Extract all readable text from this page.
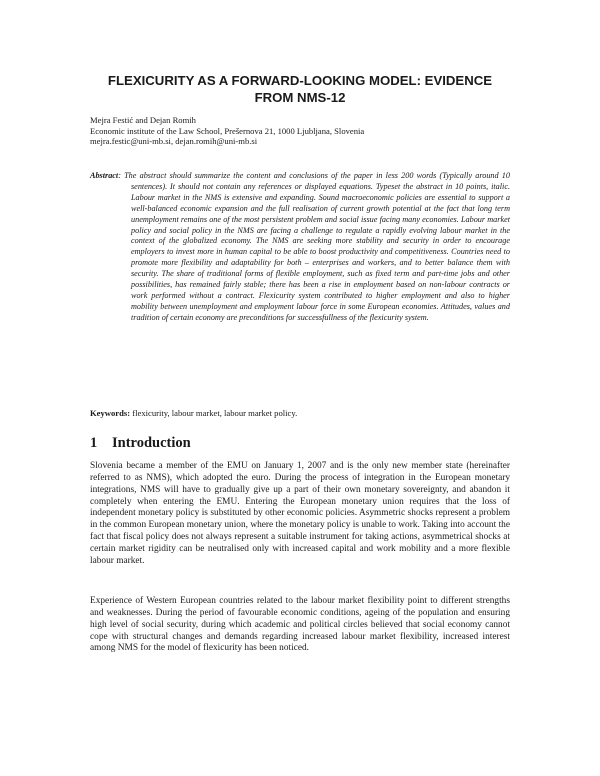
FLEXICURITY AS A FORWARD-LOOKING MODEL: EVIDENCE FROM NMS-12
Mejra Festić and Dejan Romih
Economic institute of the Law School, Prešernova 21, 1000 Ljubljana, Slovenia
mejra.festic@uni-mb.si, dejan.romih@uni-mb.si

Abstract: The abstract should summarize the content and conclusions of the paper in less 200 words (Typically around 10 sentences). It should not contain any references or displayed equations. Typeset the abstract in 10 points, italic. Labour market in the NMS is extensive and expanding. Sound macroeconomic policies are essential to support a well-balanced economic expansion and the full realisation of current growth potential at the fact that long term unemployment remains one of the most persistent problem and social issue facing many economies. Labour market policy and social policy in the NMS are facing a challenge to regulate a rapidly evolving labour market in the context of the globalized economy. The NMS are seeking more stability and security in order to encourage employers to invest more in human capital to be able to boost productivity and competitiveness. Countries need to promote more flexibility and adaptability for both – enterprises and workers, and to better balance them with security. The share of traditional forms of flexible employment, such as fixed term and part-time jobs and other possibilities, has remained fairly stable; there has been a rise in employment based on non-labour contracts or work performed without a contract. Flexicurity system contributed to higher employment and also to higher mobility between unemployment and employment labour force in some European economies. Attitudes, values and tradition of certain economy are preconditions for successfullness of the flexicurity system.

Keywords: flexicurity, labour market, labour market policy.
1 Introduction

Slovenia became a member of the EMU on January 1, 2007 and is the only new member state (hereinafter referred to as NMS), which adopted the euro. During the process of integration in the European monetary integrations, NMS will have to gradually give up a part of their own monetary sovereignty, and abandon it completely when entering the EMU. Entering the European monetary union requires that the loss of independent monetary policy is substituted by other economic policies. Asymmetric shocks represent a problem in the common European monetary union, where the monetary policy is unable to work. Taking into account the fact that fiscal policy does not always represent a suitable instrument for taking actions, asymmetrical shocks at certain market rigidity can be neutralised only with increased capital and work mobility and a more flexible labour market.

Experience of Western European countries related to the labour market flexibility point to different strengths and weaknesses. During the period of favourable economic conditions, ageing of the population and ensuring high level of social security, during which academic and political circles believed that social economy cannot cope with structural changes and demands regarding increased labour market flexibility, increased interest among NMS for the model of flexicurity has been noticed.
